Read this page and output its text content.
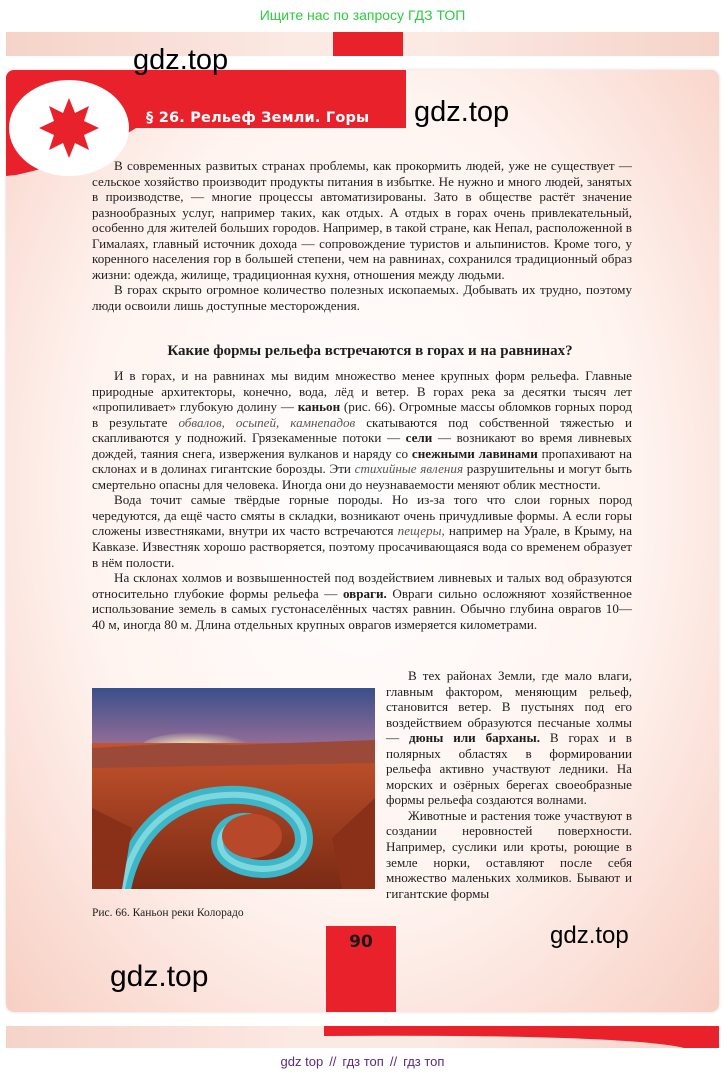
Ищите нас по запросу ГДЗ ТОП
§ 26. Рельеф Земли. Горы
gdz.top
gdz.top

В современных развитых странах проблемы, как прокормить людей, уже не существует — сельское хозяйство производит продукты питания в избытке. Не нужно и много людей, занятых в производстве, — многие процессы автоматизированы. Зато в обществе растёт значение разнообразных услуг, например таких, как отдых. А отдых в горах очень привлекательный, особенно для жителей больших городов. Например, в такой стране, как Непал, расположенной в Гималаях, главный источник дохода — сопровождение туристов и альпинистов. Кроме того, у коренного населения гор в большей степени, чем на равнинах, сохранился традиционный образ жизни: одежда, жилище, традиционная кухня, отношения между людьми.

В горах скрыто огромное количество полезных ископаемых. Добывать их трудно, поэтому люди освоили лишь доступные месторождения.

Какие формы рельефа встречаются в горах и на равнинах?

И в горах, и на равнинах мы видим множество менее крупных форм рельефа. Главные природные архитекторы, конечно, вода, лёд и ветер. В горах река за десятки тысяч лет «пропиливает» глубокую долину — каньон (рис. 66). Огромные массы обломков горных пород в результате обвалов, осыпей, камнепадов скатываются под собственной тяжестью и скапливаются у подножий. Грязекаменные потоки — сели — возникают во время ливневых дождей, таяния снега, извержения вулканов и наряду со снежными лавинами пропахивают на склонах и в долинах гигантские борозды. Эти стихийные явления разрушительны и могут быть смертельно опасны для человека. Иногда они до неузнаваемости меняют облик местности.

Вода точит самые твёрдые горные породы. Но из-за того что слои горных пород чередуются, да ещё часто смяты в складки, возникают очень причудливые формы. А если горы сложены известняками, внутри их часто встречаются пещеры, например на Урале, в Крыму, на Кавказе. Известняк хорошо растворяется, поэтому просачивающаяся вода со временем образует в нём полости.

На склонах холмов и возвышенностей под воздействием ливневых и талых вод образуются относительно глубокие формы рельефа — овраги. Овраги сильно осложняют хозяйственное использование земель в самых густонаселённых частях равнин. Обычно глубина оврагов 10—40 м, иногда 80 м. Длина отдельных крупных оврагов измеряется километрами.

Рис. 66. Каньон реки Колорадо

В тех районах Земли, где мало влаги, главным фактором, меняющим рельеф, становится ветер. В пустынях под его воздействием образуются песчаные холмы — дюны или барханы. В горах и в полярных областях в формировании рельефа активно участвуют ледники. На морских и озёрных берегах своеобразные формы рельефа создаются волнами.

Животные и растения тоже участвуют в создании неровностей поверхности. Например, суслики или кроты, роющие в земле норки, оставляют после себя множество маленьких холмиков. Бывают и гигантские формы

90	gdz.top
gdz.top
gdz top // гдз топ // гдз топ
